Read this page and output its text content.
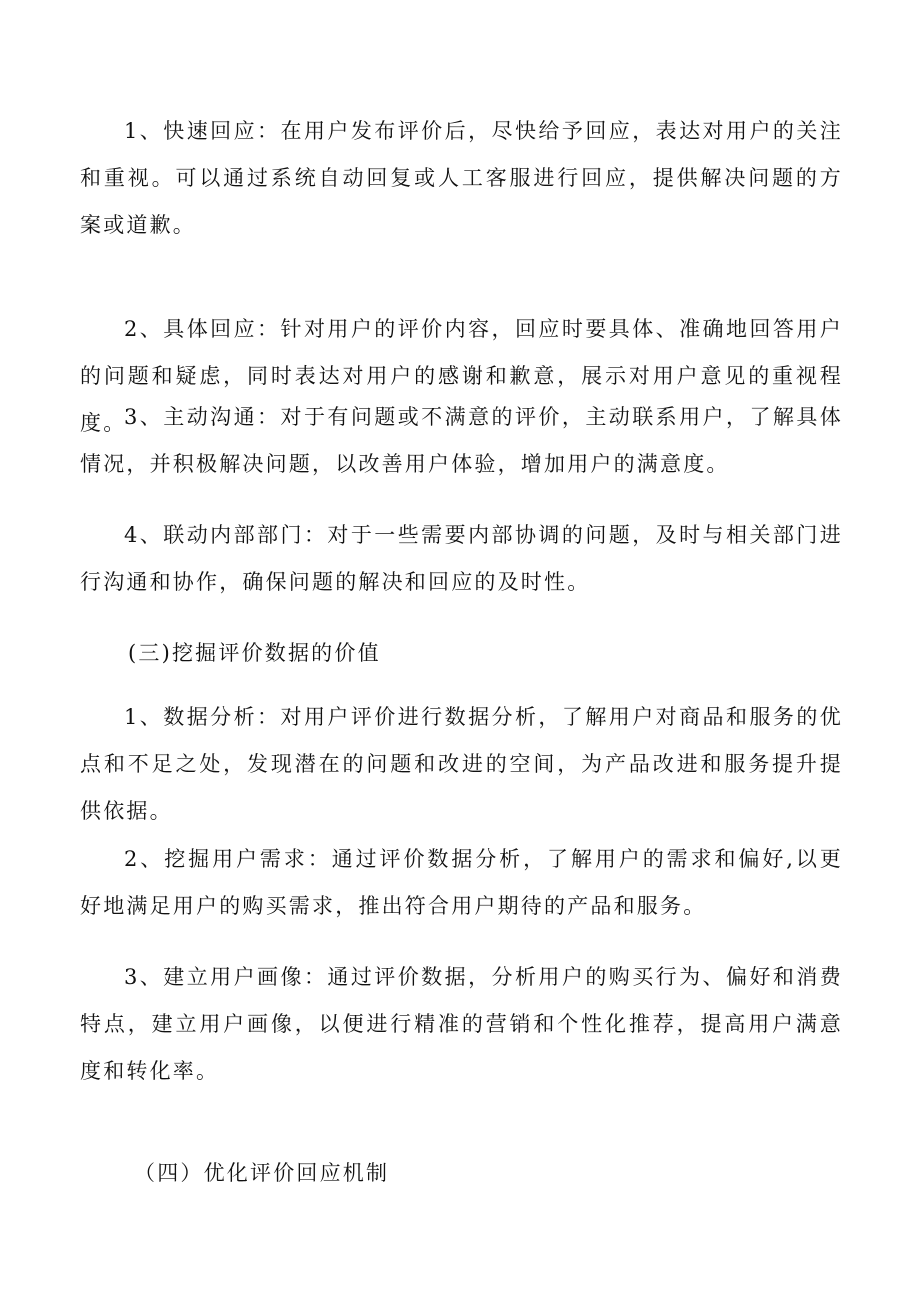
1、快速回应：在用户发布评价后，尽快给予回应，表达对用户的关注和重视。可以通过系统自动回复或人工客服进行回应，提供解决问题的方案或道歉。

2、具体回应：针对用户的评价内容，回应时要具体、准确地回答用户的问题和疑虑，同时表达对用户的感谢和歉意，展示对用户意见的重视程度。

3、主动沟通：对于有问题或不满意的评价，主动联系用户，了解具体情况，并积极解决问题，以改善用户体验，增加用户的满意度。

4、联动内部部门：对于一些需要内部协调的问题，及时与相关部门进行沟通和协作，确保问题的解决和回应的及时性。

(三)挖掘评价数据的价值

1、数据分析：对用户评价进行数据分析，了解用户对商品和服务的优点和不足之处，发现潜在的问题和改进的空间，为产品改进和服务提升提供依据。

2、挖掘用户需求：通过评价数据分析，了解用户的需求和偏好,以更好地满足用户的购买需求，推出符合用户期待的产品和服务。

3、建立用户画像：通过评价数据，分析用户的购买行为、偏好和消费特点，建立用户画像，以便进行精准的营销和个性化推荐，提高用户满意度和转化率。

（四）优化评价回应机制
